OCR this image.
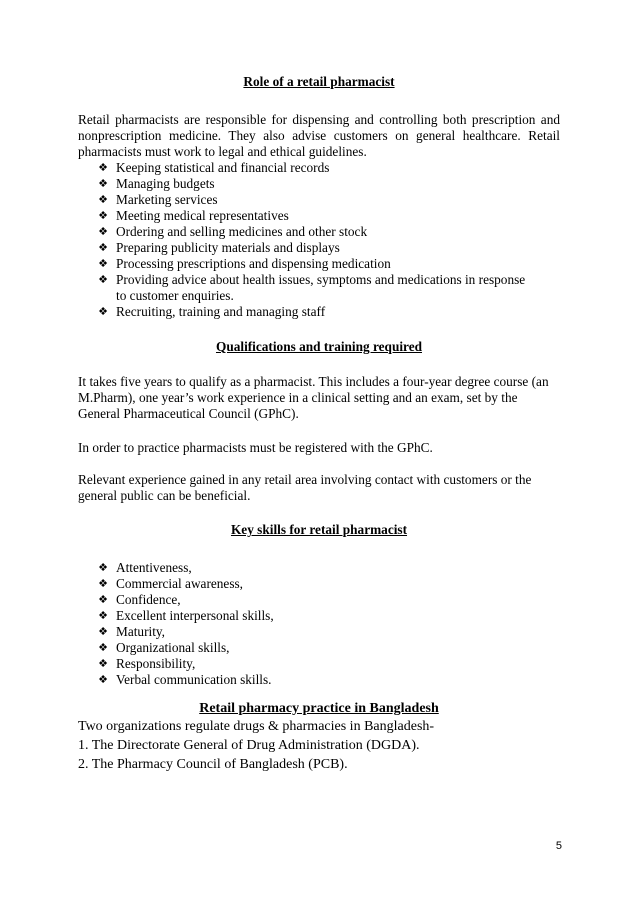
Role of a retail pharmacist

Retail pharmacists are responsible for dispensing and controlling both prescription and nonprescription medicine. They also advise customers on general healthcare. Retail pharmacists must work to legal and ethical guidelines.

❖ Keeping statistical and financial records
❖ Managing budgets
❖ Marketing services
❖ Meeting medical representatives
❖ Ordering and selling medicines and other stock
❖ Preparing publicity materials and displays
❖ Processing prescriptions and dispensing medication
❖ Providing advice about health issues, symptoms and medications in response to customer enquiries.
❖ Recruiting, training and managing staff
Qualifications and training required

It takes five years to qualify as a pharmacist. This includes a four-year degree course (an M.Pharm), one year’s work experience in a clinical setting and an exam, set by the General Pharmaceutical Council (GPhC).

In order to practice pharmacists must be registered with the GPhC.

Relevant experience gained in any retail area involving contact with customers or the general public can be beneficial.

Key skills for retail pharmacist
❖ Attentiveness,
❖ Commercial awareness,
❖ Confidence,
❖ Excellent interpersonal skills,
❖ Maturity,
❖ Organizational skills,
❖ Responsibility,
❖ Verbal communication skills.
Retail pharmacy practice in Bangladesh

Two organizations regulate drugs & pharmacies in Bangladesh-

1. The Directorate General of Drug Administration (DGDA).

2. The Pharmacy Council of Bangladesh (PCB).

5
